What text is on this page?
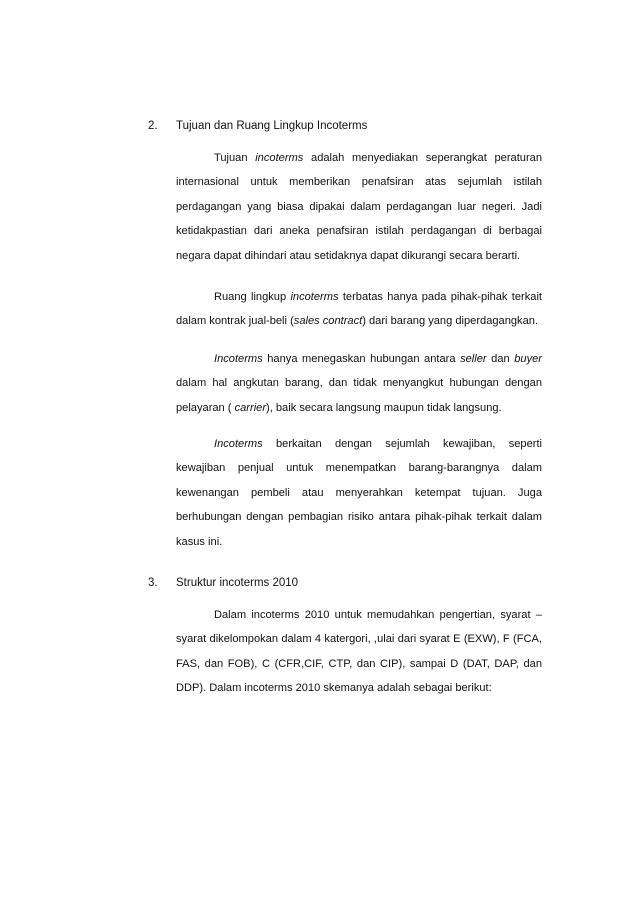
2. Tujuan dan Ruang Lingkup Incoterms

Tujuan incoterms adalah menyediakan seperangkat peraturan internasional untuk memberikan penafsiran atas sejumlah istilah perdagangan yang biasa dipakai dalam perdagangan luar negeri. Jadi ketidakpastian dari aneka penafsiran istilah perdagangan di berbagai negara dapat dihindari atau setidaknya dapat dikurangi secara berarti.

Ruang lingkup incoterms terbatas hanya pada pihak-pihak terkait dalam kontrak jual-beli (sales contract) dari barang yang diperdagangkan.

Incoterms hanya menegaskan hubungan antara seller dan buyer dalam hal angkutan barang, dan tidak menyangkut hubungan dengan pelayaran ( carrier), baik secara langsung maupun tidak langsung.

Incoterms berkaitan dengan sejumlah kewajiban, seperti kewajiban penjual untuk menempatkan barang-barangnya dalam kewenangan pembeli atau menyerahkan ketempat tujuan. Juga berhubungan dengan pembagian risiko antara pihak-pihak terkait dalam kasus ini.

3. Struktur incoterms 2010

Dalam incoterms 2010 untuk memudahkan pengertian, syarat – syarat dikelompokan dalam 4 katergori, ,ulai dari syarat E (EXW), F (FCA, FAS, dan FOB), C (CFR,CIF, CTP, dan CIP), sampai D (DAT, DAP, dan DDP). Dalam incoterms 2010 skemanya adalah sebagai berikut:
